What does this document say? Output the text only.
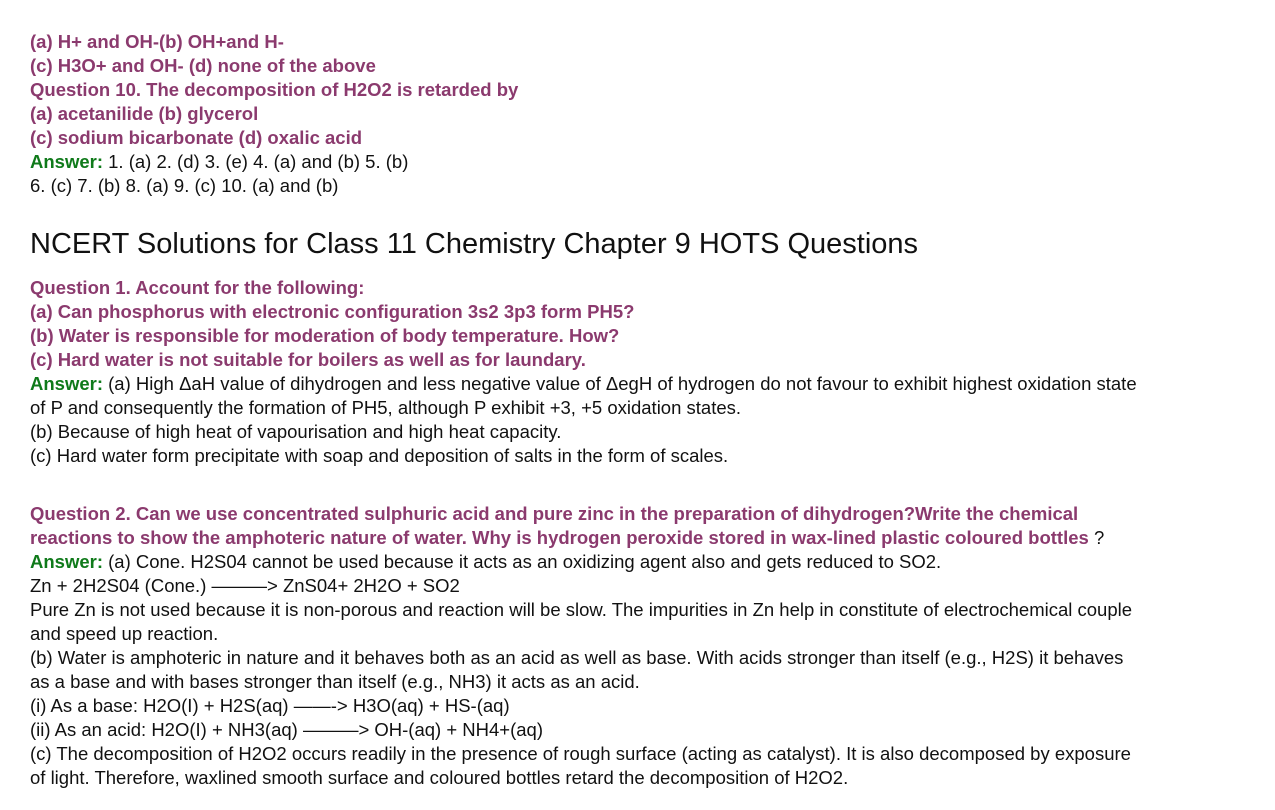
(a) H+ and OH-(b) OH+and H-
(c) H3O+ and OH- (d) none of the above
Question 10. The decomposition of H2O2 is retarded by
(a) acetanilide (b) glycerol
(c) sodium bicarbonate (d) oxalic acid
Answer: 1. (a) 2. (d) 3. (e) 4. (a) and (b) 5. (b)
6. (c) 7. (b) 8. (a) 9. (c) 10. (a) and (b)
NCERT Solutions for Class 11 Chemistry Chapter 9 HOTS Questions
Question 1. Account for the following:
(a) Can phosphorus with electronic configuration 3s2 3p3 form PH5?
(b) Water is responsible for moderation of body temperature. How?
(c) Hard water is not suitable for boilers as well as for laundary.
Answer: (a) High ΔaH value of dihydrogen and less negative value of ΔegH of hydrogen do not favour to exhibit highest oxidation state
of P and consequently the formation of PH5, although P exhibit +3, +5 oxidation states.
(b) Because of high heat of vapourisation and high heat capacity.
(c) Hard water form precipitate with soap and deposition of salts in the form of scales.
Question 2. Can we use concentrated sulphuric acid and pure zinc in the preparation of dihydrogen?Write the chemical
reactions to show the amphoteric nature of water. Why is hydrogen peroxide stored in wax-lined plastic coloured bottles ?
Answer: (a) Cone. H2S04 cannot be used because it acts as an oxidizing agent also and gets reduced to SO2.
Zn + 2H2S04 (Cone.) ———> ZnS04+ 2H2O + SO2
Pure Zn is not used because it is non-porous and reaction will be slow. The impurities in Zn help in constitute of electrochemical couple
and speed up reaction.
(b) Water is amphoteric in nature and it behaves both as an acid as well as base. With acids stronger than itself (e.g., H2S) it behaves
as a base and with bases stronger than itself (e.g., NH3) it acts as an acid.
(i) As a base: H2O(I) + H2S(aq) ——-> H3O(aq) + HS-(aq)
(ii) As an acid: H2O(I) + NH3(aq) ———> OH-(aq) + NH4+(aq)
(c) The decomposition of H2O2 occurs readily in the presence of rough surface (acting as catalyst). It is also decomposed by exposure
of light. Therefore, waxlined smooth surface and coloured bottles retard the decomposition of H2O2.
